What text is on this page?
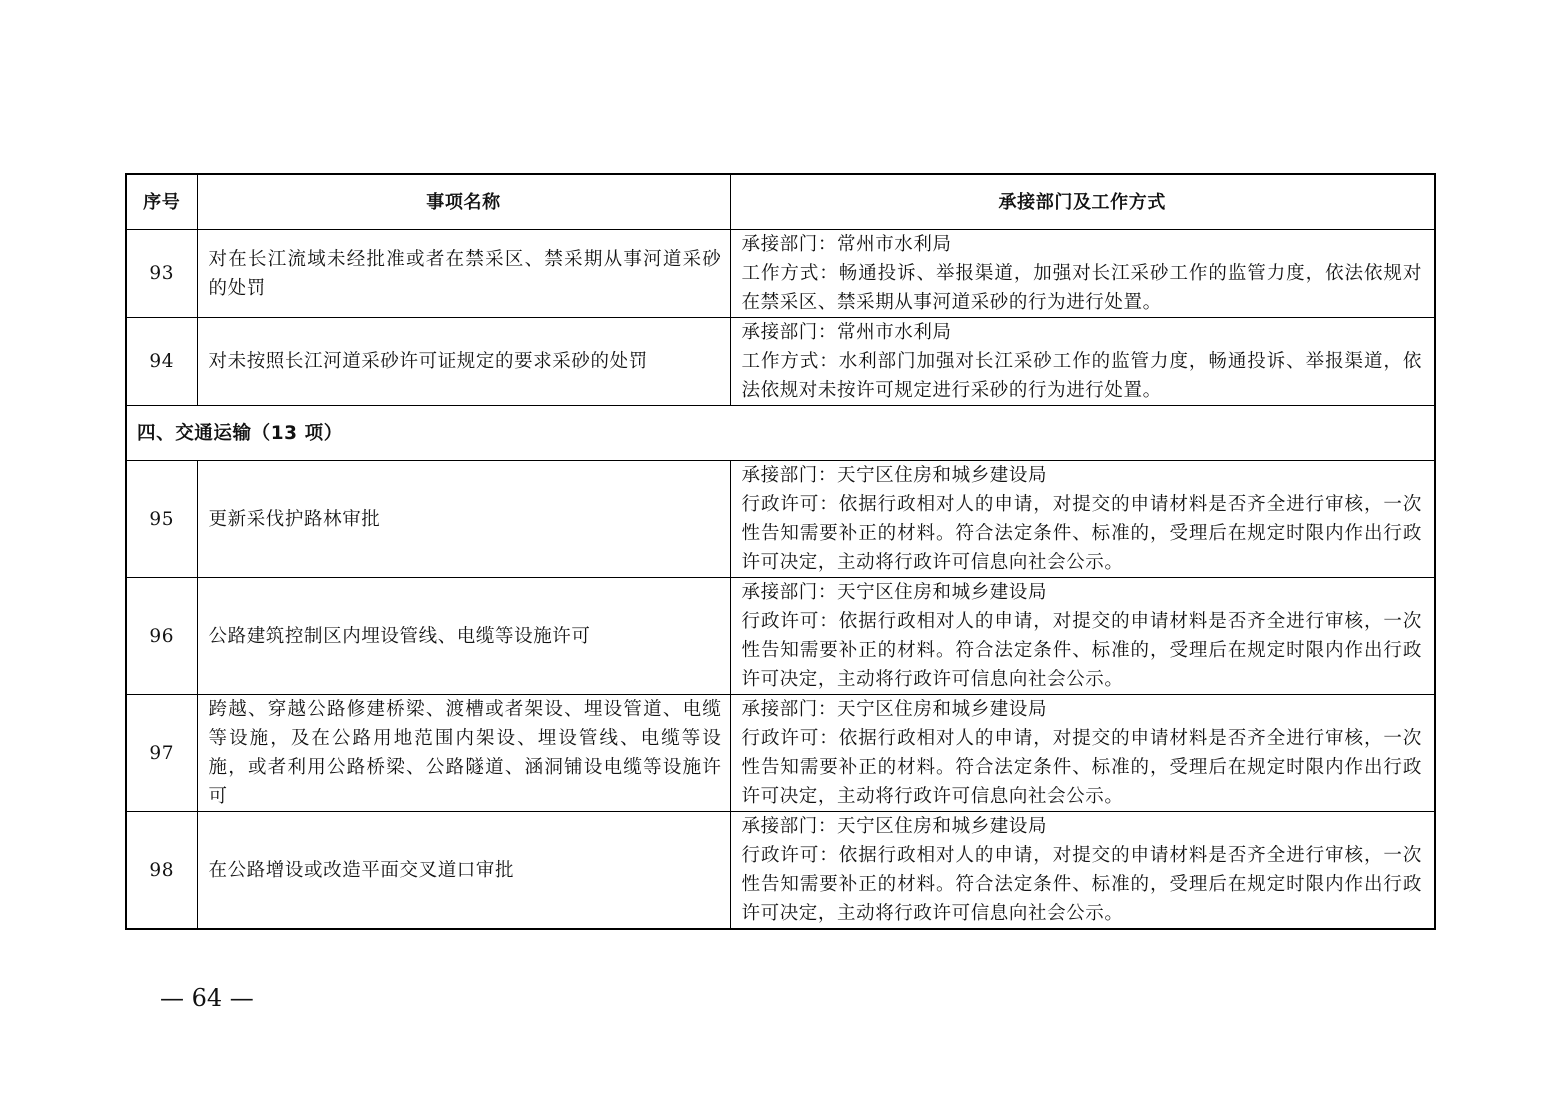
序号	事项名称	承接部门及工作方式
93	对在长江流域未经批准或者在禁采区、禁采期从事河道采砂的处罚	承接部门：常州市水利局
工作方式：畅通投诉、举报渠道，加强对长江采砂工作的监管力度，依法依规对在禁采区、禁采期从事河道采砂的行为进行处置。

94	对未按照长江河道采砂许可证规定的要求采砂的处罚	承接部门：常州市水利局
工作方式：水利部门加强对长江采砂工作的监管力度，畅通投诉、举报渠道，依法依规对未按许可规定进行采砂的行为进行处置。

四、交通运输（13 项）		
95	更新采伐护路林审批	承接部门：天宁区住房和城乡建设局
行政许可：依据行政相对人的申请，对提交的申请材料是否齐全进行审核，一次性告知需要补正的材料。符合法定条件、标准的，受理后在规定时限内作出行政许可决定，主动将行政许可信息向社会公示。

96	公路建筑控制区内埋设管线、电缆等设施许可	承接部门：天宁区住房和城乡建设局
行政许可：依据行政相对人的申请，对提交的申请材料是否齐全进行审核，一次性告知需要补正的材料。符合法定条件、标准的，受理后在规定时限内作出行政许可决定，主动将行政许可信息向社会公示。

97	跨越、穿越公路修建桥梁、渡槽或者架设、埋设管道、电缆等设施，及在公路用地范围内架设、埋设管线、电缆等设施，或者利用公路桥梁、公路隧道、涵洞铺设电缆等设施许可	承接部门：天宁区住房和城乡建设局
行政许可：依据行政相对人的申请，对提交的申请材料是否齐全进行审核，一次性告知需要补正的材料。符合法定条件、标准的，受理后在规定时限内作出行政许可决定，主动将行政许可信息向社会公示。

98	在公路增设或改造平面交叉道口审批	承接部门：天宁区住房和城乡建设局
行政许可：依据行政相对人的申请，对提交的申请材料是否齐全进行审核，一次性告知需要补正的材料。符合法定条件、标准的，受理后在规定时限内作出行政许可决定，主动将行政许可信息向社会公示。
— 64 —
